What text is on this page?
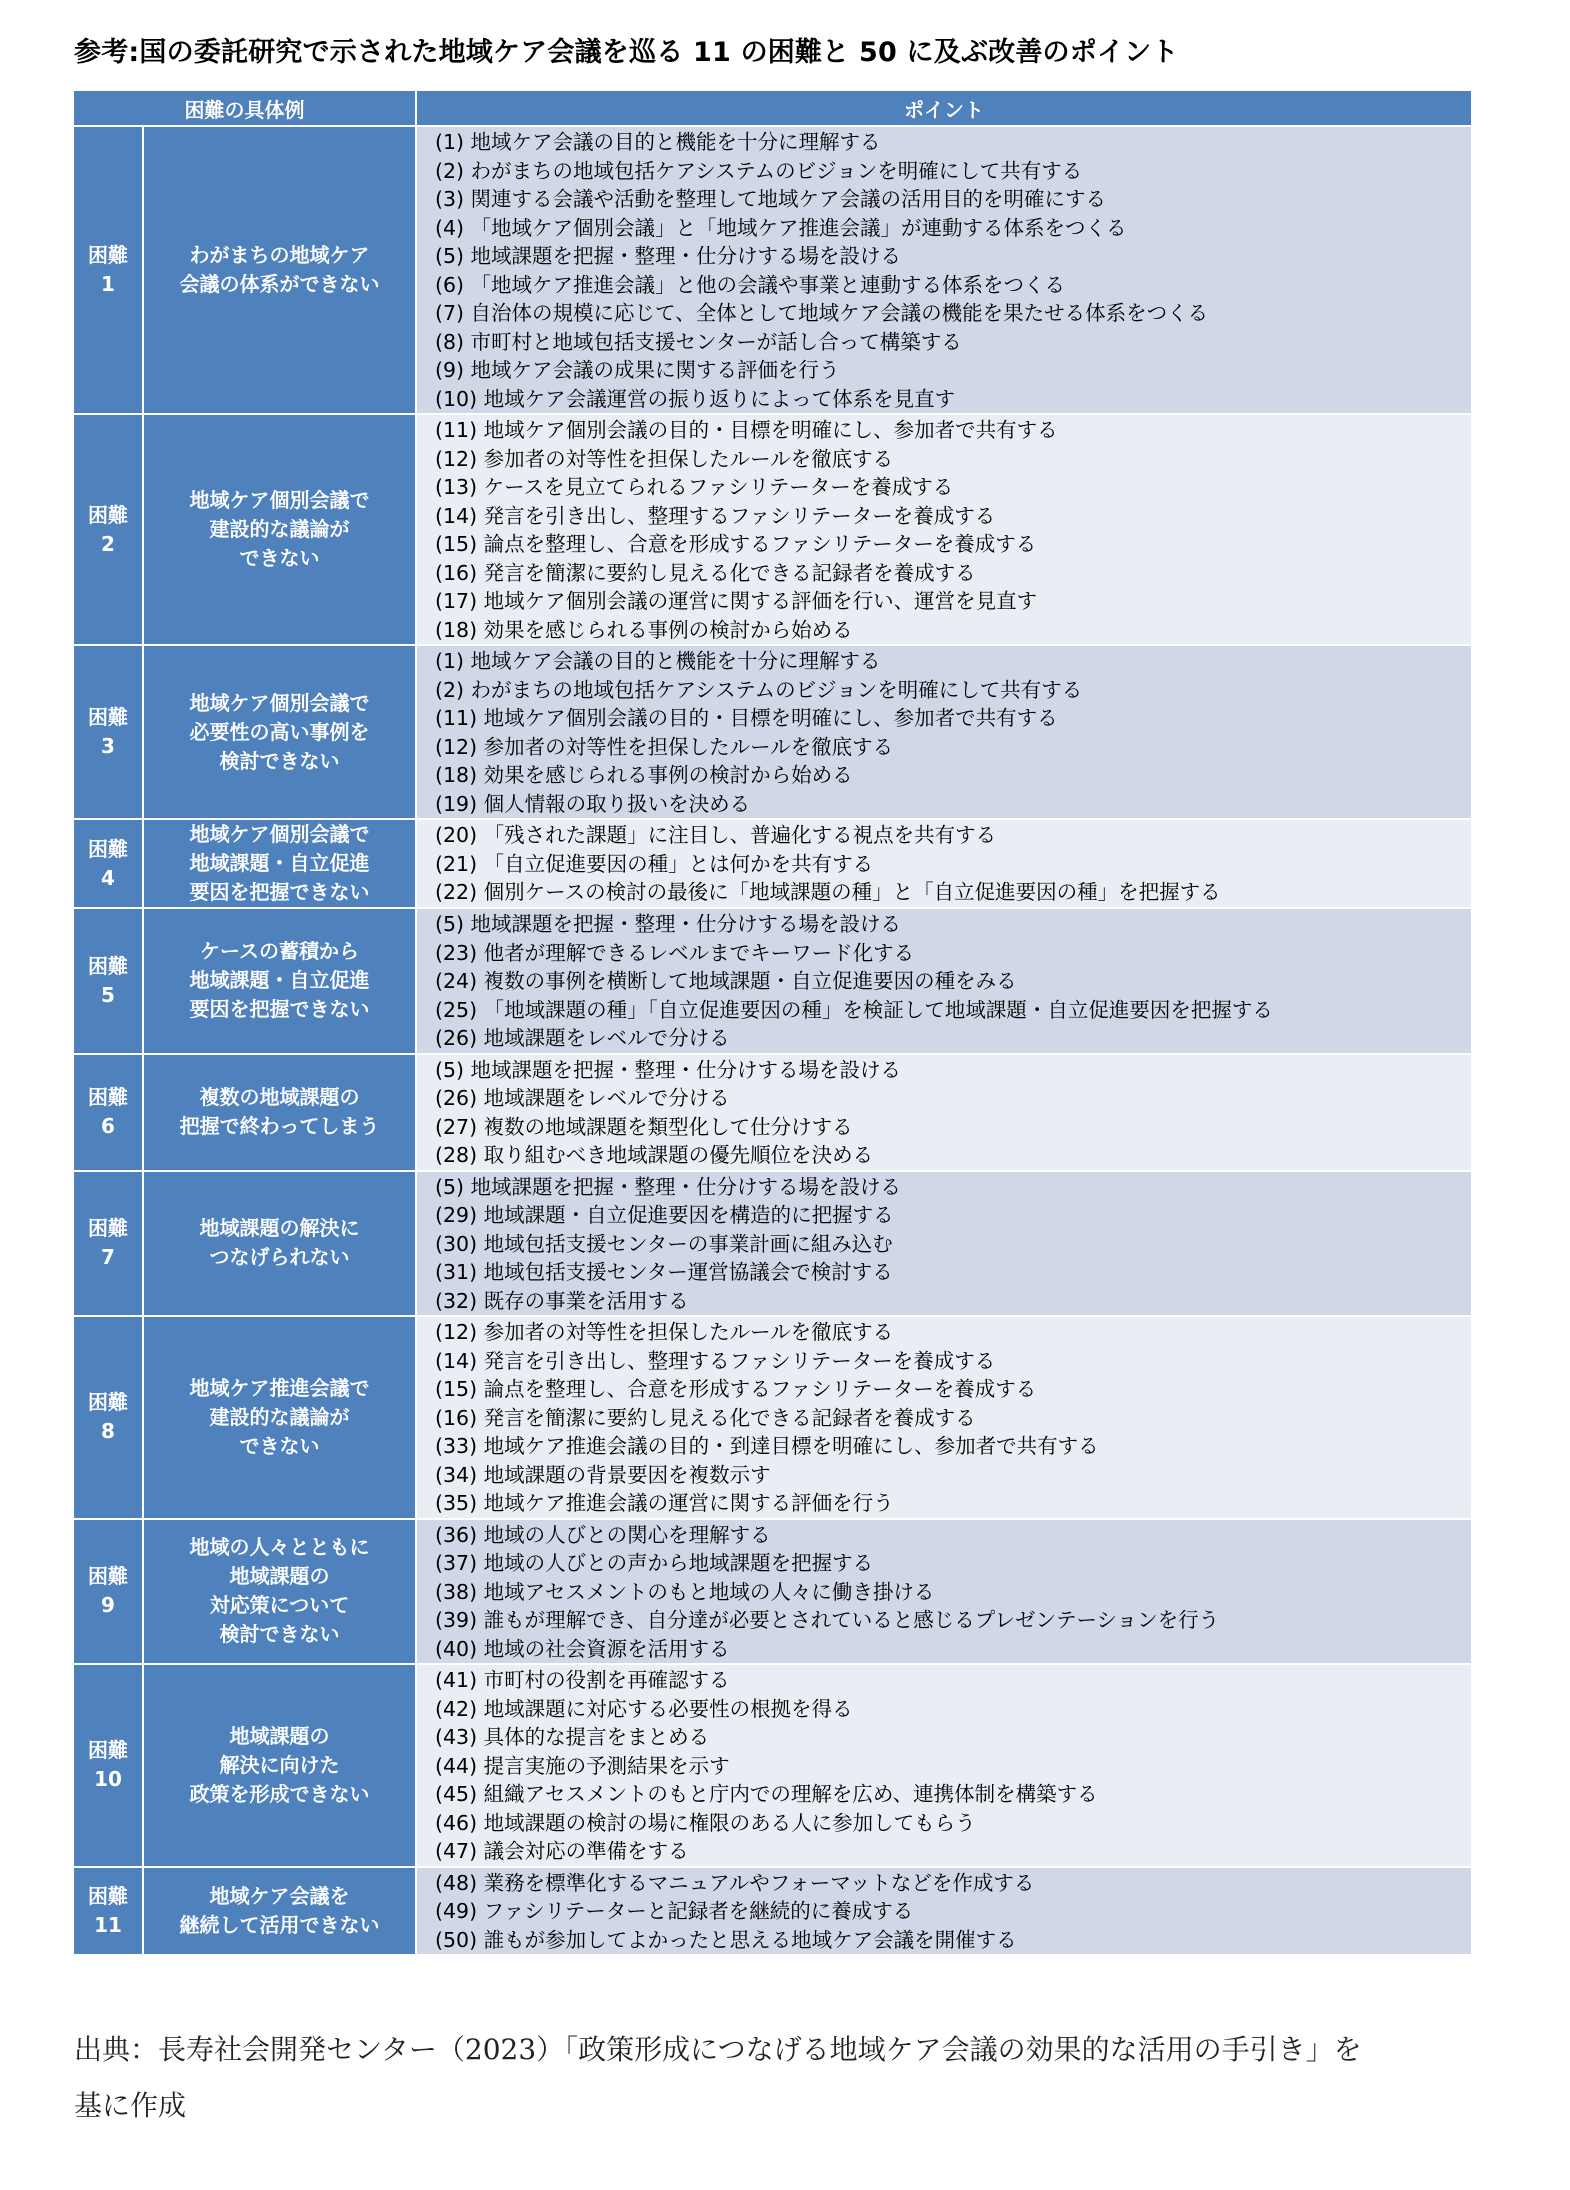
参考:国の委託研究で示された地域ケア会議を巡る 11 の困難と 50 に及ぶ改善のポイント
困難の具体例	ポイント
困難
1
わがまちの地域ケア
会議の体系ができない
(1) 地域ケア会議の目的と機能を十分に理解する
(2) わがまちの地域包括ケアシステムのビジョンを明確にして共有する
(3) 関連する会議や活動を整理して地域ケア会議の活用目的を明確にする
(4) 「地域ケア個別会議」と「地域ケア推進会議」が連動する体系をつくる
(5) 地域課題を把握・整理・仕分けする場を設ける
(6) 「地域ケア推進会議」と他の会議や事業と連動する体系をつくる
(7) 自治体の規模に応じて、全体として地域ケア会議の機能を果たせる体系をつくる
(8) 市町村と地域包括支援センターが話し合って構築する
(9) 地域ケア会議の成果に関する評価を行う
(10) 地域ケア会議運営の振り返りによって体系を見直す
困難
2
地域ケア個別会議で
建設的な議論が
できない
(11) 地域ケア個別会議の目的・目標を明確にし、参加者で共有する
(12) 参加者の対等性を担保したルールを徹底する
(13) ケースを見立てられるファシリテーターを養成する
(14) 発言を引き出し、整理するファシリテーターを養成する
(15) 論点を整理し、合意を形成するファシリテーターを養成する
(16) 発言を簡潔に要約し見える化できる記録者を養成する
(17) 地域ケア個別会議の運営に関する評価を行い、運営を見直す
(18) 効果を感じられる事例の検討から始める
困難
3
地域ケア個別会議で
必要性の高い事例を
検討できない
(1) 地域ケア会議の目的と機能を十分に理解する
(2) わがまちの地域包括ケアシステムのビジョンを明確にして共有する
(11) 地域ケア個別会議の目的・目標を明確にし、参加者で共有する
(12) 参加者の対等性を担保したルールを徹底する
(18) 効果を感じられる事例の検討から始める
(19) 個人情報の取り扱いを決める
困難
4
地域ケア個別会議で
地域課題・自立促進
要因を把握できない
(20) 「残された課題」に注目し、普遍化する視点を共有する
(21) 「自立促進要因の種」とは何かを共有する
(22) 個別ケースの検討の最後に「地域課題の種」と「自立促進要因の種」を把握する
困難
5
ケースの蓄積から
地域課題・自立促進
要因を把握できない
(5) 地域課題を把握・整理・仕分けする場を設ける
(23) 他者が理解できるレベルまでキーワード化する
(24) 複数の事例を横断して地域課題・自立促進要因の種をみる
(25) 「地域課題の種」「自立促進要因の種」を検証して地域課題・自立促進要因を把握する
(26) 地域課題をレベルで分ける
困難
6
複数の地域課題の
把握で終わってしまう
(5) 地域課題を把握・整理・仕分けする場を設ける
(26) 地域課題をレベルで分ける
(27) 複数の地域課題を類型化して仕分けする
(28) 取り組むべき地域課題の優先順位を決める
困難
7
地域課題の解決に
つなげられない
(5) 地域課題を把握・整理・仕分けする場を設ける
(29) 地域課題・自立促進要因を構造的に把握する
(30) 地域包括支援センターの事業計画に組み込む
(31) 地域包括支援センター運営協議会で検討する
(32) 既存の事業を活用する
困難
8
地域ケア推進会議で
建設的な議論が
できない
(12) 参加者の対等性を担保したルールを徹底する
(14) 発言を引き出し、整理するファシリテーターを養成する
(15) 論点を整理し、合意を形成するファシリテーターを養成する
(16) 発言を簡潔に要約し見える化できる記録者を養成する
(33) 地域ケア推進会議の目的・到達目標を明確にし、参加者で共有する
(34) 地域課題の背景要因を複数示す
(35) 地域ケア推進会議の運営に関する評価を行う
困難
9
地域の人々とともに
地域課題の
対応策について
検討できない
(36) 地域の人びとの関心を理解する
(37) 地域の人びとの声から地域課題を把握する
(38) 地域アセスメントのもと地域の人々に働き掛ける
(39) 誰もが理解でき、自分達が必要とされていると感じるプレゼンテーションを行う
(40) 地域の社会資源を活用する
困難
10
地域課題の
解決に向けた
政策を形成できない
(41) 市町村の役割を再確認する
(42) 地域課題に対応する必要性の根拠を得る
(43) 具体的な提言をまとめる
(44) 提言実施の予測結果を示す
(45) 組織アセスメントのもと庁内での理解を広め、連携体制を構築する
(46) 地域課題の検討の場に権限のある人に参加してもらう
(47) 議会対応の準備をする
困難
11
地域ケア会議を
継続して活用できない
(48) 業務を標準化するマニュアルやフォーマットなどを作成する
(49) ファシリテーターと記録者を継続的に養成する
(50) 誰もが参加してよかったと思える地域ケア会議を開催する
出典：長寿社会開発センター（2023）「政策形成につなげる地域ケア会議の効果的な活用の手引き」を
基に作成
